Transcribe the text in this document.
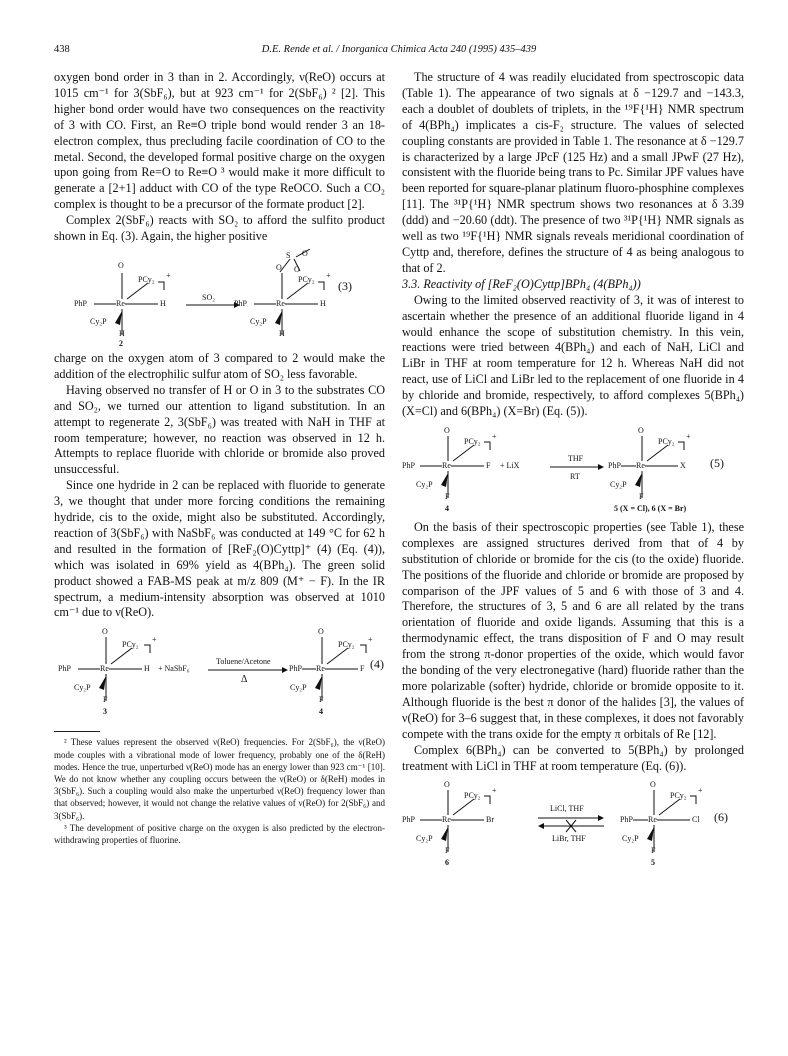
438	D.E. Rende et al. / Inorganica Chimica Acta 240 (1995) 435–439

oxygen bond order in 3 than in 2. Accordingly, ν(ReO) occurs at 1015 cm⁻¹ for 3(SbF₆), but at 923 cm⁻¹ for 2(SbF₆) ² [2]. This higher bond order would have two consequences on the reactivity of 3 with CO. First, an Re≡O triple bond would render 3 an 18-electron complex, thus precluding facile coordination of CO to the metal. Second, the developed formal positive charge on the oxygen upon going from Re=O to Re≡O ³ would make it more difficult to generate a [2+1] adduct with CO of the type ReOCO. Such a CO₂ complex is thought to be a precursor of the formate product [2].

Complex 2(SbF₆) reacts with SO₂ to afford the sulfito product shown in Eq. (3). Again, the higher positive

O
PCy₂ +
PhP	Re	H
Cy₂P
H
2
SO₂
O
S
O O
PCy₂ +
PhP	Re	H
Cy₂P
H
(3)

charge on the oxygen atom of 3 compared to 2 would make the addition of the electrophilic sulfur atom of SO₂ less favorable.

Having observed no transfer of H or O in 3 to the substrates CO and SO₂, we turned our attention to ligand substitution. In an attempt to regenerate 2, 3(SbF₆) was treated with NaH in THF at room temperature; however, no reaction was observed in 12 h. Attempts to replace fluoride with chloride or bromide also proved unsuccessful.

Since one hydride in 2 can be replaced with fluoride to generate 3, we thought that under more forcing conditions the remaining hydride, cis to the oxide, might also be substituted. Accordingly, reaction of 3(SbF₆) with NaSbF₆ was conducted at 149 °C for 62 h and resulted in the formation of [ReF₂(O)Cyttp]⁺ (4) (Eq. (4)), which was isolated in 69% yield as 4(BPh₄). The green solid product showed a FAB-MS peak at m/z 809 (M⁺ − F). In the IR spectrum, a medium-intensity absorption was observed at 1010 cm⁻¹ due to ν(ReO).

O
PCy₂
+
PhP	Re	H + NaSbF₆
Cy₂P
F
3
Toluene/Acetone
Δ
O
PCy₂
+
PhP Re	F
Cy₂P
F
4
(4)

² These values represent the observed ν(ReO) frequencies. For 2(SbF₆), the ν(ReO) mode couples with a vibrational mode of lower frequency, probably one of the δ(ReH) modes. Hence the true, unperturbed ν(ReO) mode has an energy lower than 923 cm⁻¹ [10]. We do not know whether any coupling occurs between the ν(ReO) or δ(ReH) modes in 3(SbF₆). Such a coupling would also make the unperturbed ν(ReO) frequency lower than that observed; however, it would not change the relative values of ν(ReO) for 2(SbF₆) and 3(SbF₆).

³ The development of positive charge on the oxygen is also predicted by the electron-withdrawing properties of fluorine.

The structure of 4 was readily elucidated from spectroscopic data (Table 1). The appearance of two signals at δ −129.7 and −143.3, each a doublet of doublets of triplets, in the ¹⁹F{¹H} NMR spectrum of 4(BPh₄) implicates a cis-F₂ structure. The values of selected coupling constants are provided in Table 1. The resonance at δ −129.7 is characterized by a large JPcF (125 Hz) and a small JPwF (27 Hz), consistent with the fluoride being trans to Pc. Similar JPF values have been reported for square-planar platinum fluoro-phosphine complexes [11]. The ³¹P{¹H} NMR spectrum shows two resonances at δ 3.39 (ddd) and −20.60 (ddt). The presence of two ³¹P{¹H} NMR signals as well as two ¹⁹F{¹H} NMR signals reveals meridional coordination of Cyttp and, therefore, defines the structure of 4 as being analogous to that of 2.

3.3. Reactivity of [ReF₂(O)Cyttp]BPh₄ (4(BPh₄))

Owing to the limited observed reactivity of 3, it was of interest to ascertain whether the presence of an additional fluoride ligand in 4 would enhance the scope of substitution chemistry. In this vein, reactions were tried between 4(BPh₄) and each of NaH, LiCl and LiBr in THF at room temperature for 12 h. Whereas NaH did not react, use of LiCl and LiBr led to the replacement of one fluoride in 4 by chloride and bromide, respectively, to afford complexes 5(BPh₄) (X=Cl) and 6(BPh₄) (X=Br) (Eq. (5)).

O
PCy₂
+
PhP	Re	F + LiX
Cy₂P
F
4
THF
RT
O
PCy₂
+
PhP Re	X
Cy₂P
F
5 (X = Cl), 6 (X = Br)
(5)

On the basis of their spectroscopic properties (see Table 1), these complexes are assigned structures derived from that of 4 by substitution of chloride or bromide for the cis (to the oxide) fluoride. The positions of the fluoride and chloride or bromide are proposed by comparison of the JPF values of 5 and 6 with those of 3 and 4. Therefore, the structures of 3, 5 and 6 are all related by the trans orientation of fluoride and oxide ligands. Assuming that this is a thermodynamic effect, the trans disposition of F and O may result from the strong π-donor properties of the oxide, which would favor the bonding of the very electronegative (hard) fluoride rather than the more polarizable (softer) hydride, chloride or bromide opposite to it. Although fluoride is the best π donor of the halides [3], the values of ν(ReO) for 3–6 suggest that, in these complexes, it does not favorably compete with the trans oxide for the empty π orbitals of Re [12].

Complex 6(BPh₄) can be converted to 5(BPh₄) by prolonged treatment with LiCl in THF at room temperature (Eq. (6)).

O
PCy₂
+
PhP	Re	Br
Cy₂P
F
6
LiCl, THF
LiBr, THF
O
PCy₂
+
PhP Re	Cl
Cy₂P
F
5
(6)
